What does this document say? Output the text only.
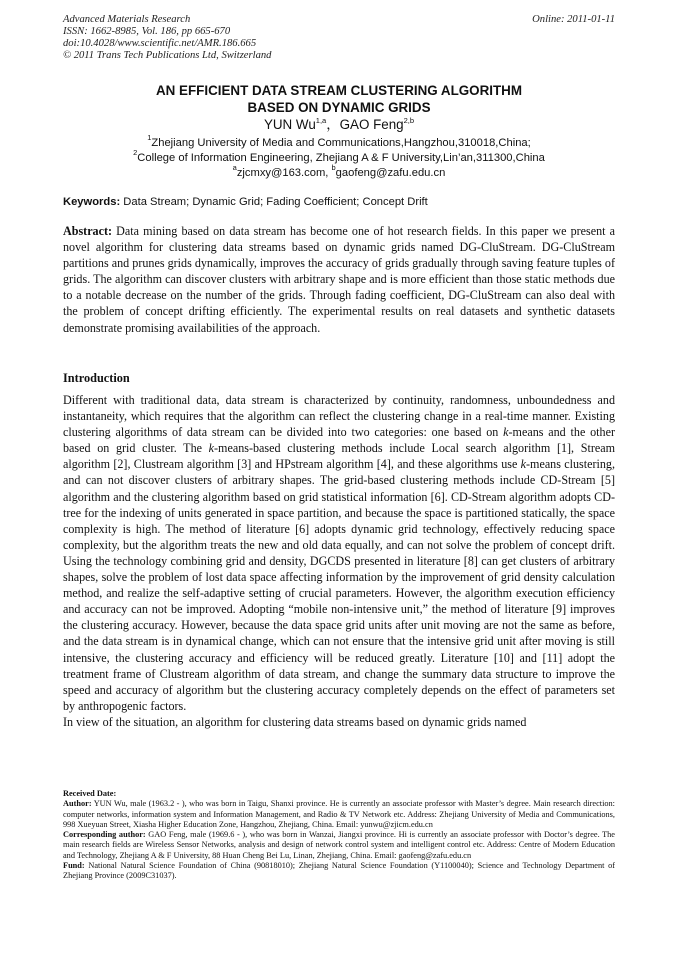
Advanced Materials Research
ISSN: 1662-8985, Vol. 186, pp 665-670
doi:10.4028/www.scientific.net/AMR.186.665
© 2011 Trans Tech Publications Ltd, Switzerland
Online: 2011-01-11
AN EFFICIENT DATA STREAM CLUSTERING ALGORITHM
BASED ON DYNAMIC GRIDS
YUN Wu$^{1,a}$，GAO Feng$^{2,b}$
$^1$Zhejiang University of Media and Communications,Hangzhou,310018,China;
$^2$College of Information Engineering, Zhejiang A & F University,Lin’an,311300,China
$^a$zjcmxy@163.com, $^b$gaofeng@zafu.edu.cn
Keywords: Data Stream; Dynamic Grid; Fading Coefficient; Concept Drift
Abstract: Data mining based on data stream has become one of hot research fields. In this paper we present a novel algorithm for clustering data streams based on dynamic grids named DG-CluStream. DG-CluStream partitions and prunes grids dynamically, improves the accuracy of grids gradually through saving feature tuples of grids. The algorithm can discover clusters with arbitrary shape and is more efficient than those static methods due to a notable decrease on the number of the grids. Through fading coefficient, DG-CluStream can also deal with the problem of concept drifting efficiently. The experimental results on real datasets and synthetic datasets demonstrate promising availabilities of the approach.
Introduction

Different with traditional data, data stream is characterized by continuity, randomness, unboundedness and instantaneity, which requires that the algorithm can reflect the clustering change in a real-time manner. Existing clustering algorithms of data stream can be divided into two categories: one based on k-means and the other based on grid cluster. The k-means-based clustering methods include Local search algorithm [1], Stream algorithm [2], Clustream algorithm [3] and HPstream algorithm [4], and these algorithms use k-means clustering, and can not discover clusters of arbitrary shapes. The grid-based clustering methods include CD-Stream [5] algorithm and the clustering algorithm based on grid statistical information [6]. CD-Stream algorithm adopts CD-tree for the indexing of units generated in space partition, and because the space is partitioned statically, the space complexity is high. The method of literature [6] adopts dynamic grid technology, effectively reducing space complexity, but the algorithm treats the new and old data equally, and can not solve the problem of concept drift. Using the technology combining grid and density, DGCDS presented in literature [8] can get clusters of arbitrary shapes, solve the problem of lost data space affecting information by the improvement of grid density calculation method, and realize the self-adaptive setting of crucial parameters. However, the algorithm execution efficiency and accuracy can not be improved. Adopting “mobile non-intensive unit,” the method of literature [9] improves the clustering accuracy. However, because the data space grid units after unit moving are not the same as before, and the data stream is in dynamical change, which can not ensure that the intensive grid unit after moving is still intensive, the clustering accuracy and efficiency will be reduced greatly. Literature [10] and [11] adopt the treatment frame of Clustream algorithm of data stream, and change the summary data structure to improve the speed and accuracy of algorithm but the clustering accuracy completely depends on the effect of parameters set by anthropogenic factors.

In view of the situation, an algorithm for clustering data streams based on dynamic grids named

Received Date:

Author: YUN Wu, male (1963.2 - ), who was born in Taigu, Shanxi province. He is currently an associate professor with Master’s degree. Main research direction: computer networks, information system and Information Management, and Radio & TV Network etc. Address: Zhejiang University of Media and Communications, 998 Xueyuan Street, Xiasha Higher Education Zone, Hangzhou, Zhejiang, China. Email: yunwu@zjicm.edu.cn

Corresponding author: GAO Feng, male (1969.6 - ), who was born in Wanzai, Jiangxi province. Hi is currently an associate professor with Doctor’s degree. The main research fields are Wireless Sensor Networks, analysis and design of network control system and intelligent control etc. Address: Centre of Modern Education and Technology, Zhejiang A & F University, 88 Huan Cheng Bei Lu, Linan, Zhejiang, China. Email: gaofeng@zafu.edu.cn

Fund: National Natural Science Foundation of China (90818010); Zhejiang Natural Science Foundation (Y1100040); Science and Technology Department of Zhejiang Province (2009C31037).
